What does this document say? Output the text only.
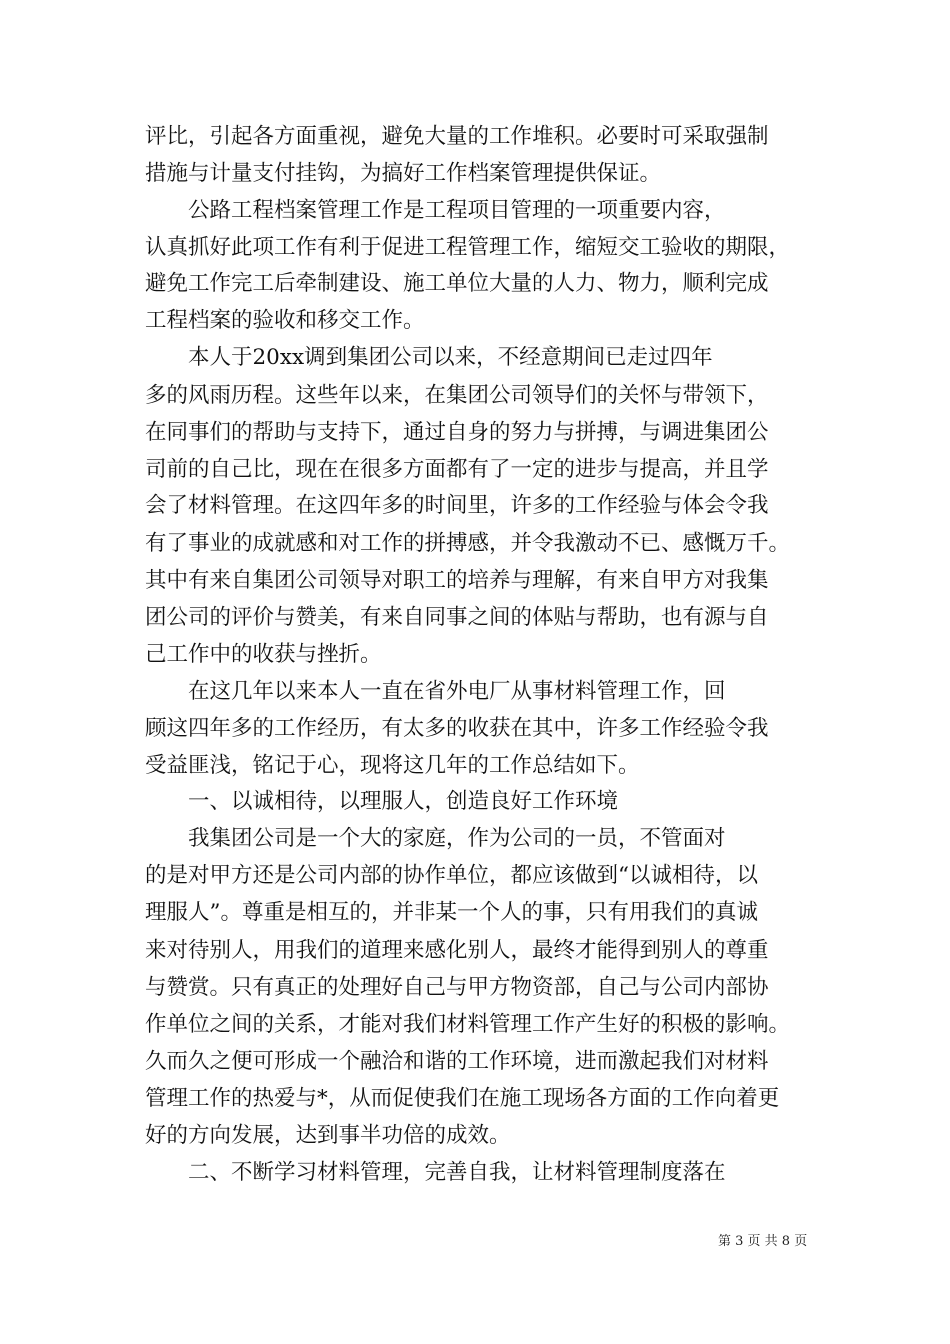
评比，引起各方面重视，避免大量的工作堆积。必要时可采取强制

措施与计量支付挂钩，为搞好工作档案管理提供保证。

　　公路工程档案管理工作是工程项目管理的一项重要内容，

认真抓好此项工作有利于促进工程管理工作，缩短交工验收的期限，

避免工作完工后牵制建设、施工单位大量的人力、物力，顺利完成

工程档案的验收和移交工作。

　　本人于20xx调到集团公司以来，不经意期间已走过四年

多的风雨历程。这些年以来，在集团公司领导们的关怀与带领下，

在同事们的帮助与支持下，通过自身的努力与拼搏，与调进集团公

司前的自己比，现在在很多方面都有了一定的进步与提高，并且学

会了材料管理。在这四年多的时间里，许多的工作经验与体会令我

有了事业的成就感和对工作的拼搏感，并令我激动不已、感慨万千。

其中有来自集团公司领导对职工的培养与理解，有来自甲方对我集

团公司的评价与赞美，有来自同事之间的体贴与帮助，也有源与自

己工作中的收获与挫折。

　　在这几年以来本人一直在省外电厂从事材料管理工作，回

顾这四年多的工作经历，有太多的收获在其中，许多工作经验令我

受益匪浅，铭记于心，现将这几年的工作总结如下。

　　一、以诚相待，以理服人，创造良好工作环境

　　我集团公司是一个大的家庭，作为公司的一员，不管面对

的是对甲方还是公司内部的协作单位，都应该做到“以诚相待，以

理服人”。尊重是相互的，并非某一个人的事，只有用我们的真诚

来对待别人，用我们的道理来感化别人，最终才能得到别人的尊重

与赞赏。只有真正的处理好自己与甲方物资部，自己与公司内部协

作单位之间的关系，才能对我们材料管理工作产生好的积极的影响。

久而久之便可形成一个融洽和谐的工作环境，进而激起我们对材料

管理工作的热爱与*，从而促使我们在施工现场各方面的工作向着更

好的方向发展，达到事半功倍的成效。

　　二、不断学习材料管理，完善自我，让材料管理制度落在

第 3 页 共 8 页
